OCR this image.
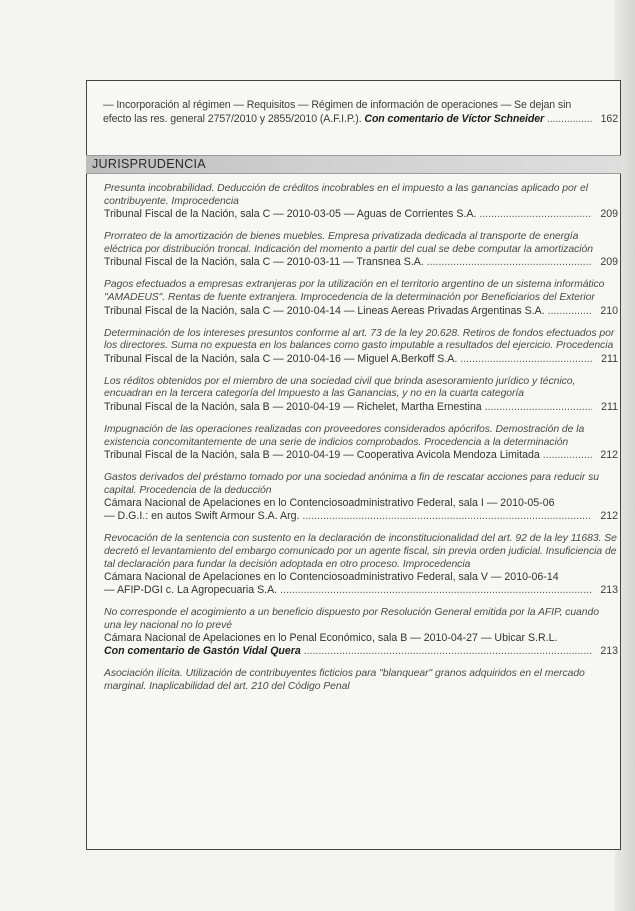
— Incorporación al régimen — Requisitos — Régimen de información de operaciones — Se dejan sin
efecto las res. general 2757/2010 y 2855/2010 (A.F.I.P.). Con comentario de Víctor Schneider .....	162
JURISPRUDENCIA
Presunta incobrabilidad. Deducción de créditos incobrables en el impuesto a las ganancias aplicado por el contribuyente. Improcedencia
Tribunal Fiscal de la Nación, sala C — 2010-03-05 — Aguas de Corrientes S.A. .....	209
Prorrateo de la amortización de bienes muebles. Empresa privatizada dedicada al transporte de energía eléctrica por distribución troncal. Indicación del momento a partir del cual se debe computar la amortización
Tribunal Fiscal de la Nación, sala C — 2010-03-11 — Transnea S.A. .....	209
Pagos efectuados a empresas extranjeras por la utilización en el territorio argentino de un sistema informático "AMADEUS". Rentas de fuente extranjera. Improcedencia de la determinación por Beneficiarios del Exterior
Tribunal Fiscal de la Nación, sala C — 2010-04-14 — Lineas Aereas Privadas Argentinas S.A. .....	210
Determinación de los intereses presuntos conforme al art. 73 de la ley 20.628. Retiros de fondos efectuados por los directores. Suma no expuesta en los balances como gasto imputable a resultados del ejercicio. Procedencia
Tribunal Fiscal de la Nación, sala C — 2010-04-16 — Miguel A.Berkoff S.A. .....	211
Los réditos obtenidos por el miembro de una sociedad civil que brinda asesoramiento jurídico y técnico, encuadran en la tercera categoría del Impuesto a las Ganancias, y no en la cuarta categoría
Tribunal Fiscal de la Nación, sala B — 2010-04-19 — Richelet, Martha Ernestina .....	211
Impugnación de las operaciones realizadas con proveedores considerados apócrifos. Demostración de la existencia concomitantemente de una serie de indicios comprobados. Procedencia a la determinación
Tribunal Fiscal de la Nación, sala B — 2010-04-19 — Cooperativa Avicola Mendoza Limitada .....	212
Gastos derivados del préstamo tomado por una sociedad anónima a fin de rescatar acciones para reducir su capital. Procedencia de la deducción
Cámara Nacional de Apelaciones en lo Contenciosoadministrativo Federal, sala I — 2010-05-06
— D.G.I.: en autos Swift Armour S.A. Arg. .....	212
Revocación de la sentencia con sustento en la declaración de inconstitucionalidad del art. 92 de la ley 11683. Se decretó el levantamiento del embargo comunicado por un agente fiscal, sin previa orden judicial. Insuficiencia de tal declaración para fundar la decisión adoptada en otro proceso. Improcedencia
Cámara Nacional de Apelaciones en lo Contenciosoadministrativo Federal, sala V — 2010-06-14
— AFIP-DGI c. La Agropecuaria S.A. .....	213
No corresponde el acogimiento a un beneficio dispuesto por Resolución General emitida por la AFIP, cuando una ley nacional no lo prevé
Cámara Nacional de Apelaciones en lo Penal Económico, sala B — 2010-04-27 — Ubicar S.R.L.
Con comentario de Gastón Vidal Quera .....	213
Asociación ilícita. Utilización de contribuyentes ficticios para "blanquear" granos adquiridos en el mercado marginal. Inaplicabilidad del art. 210 del Código Penal
